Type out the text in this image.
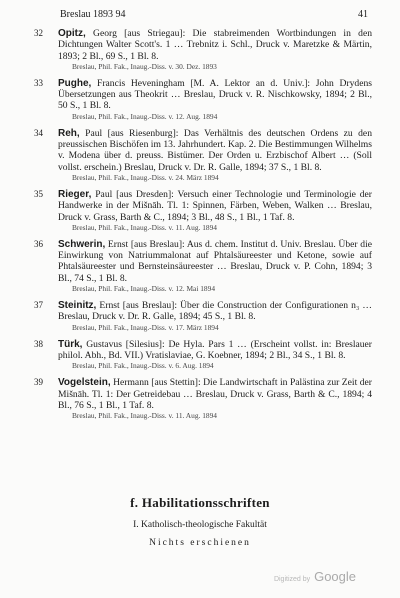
Breslau 1893 94	41
32 Opitz, Georg [aus Striegau]: Die stabreimenden Wortbindungen in den Dichtungen Walter Scott's. 1 … Trebnitz i. Schl., Druck v. Maretzke & Märtin, 1893; 2 Bl., 69 S., 1 Bl. 8.
Breslau, Phil. Fak., Inaug.-Diss. v. 30. Dez. 1893
33 Pughe, Francis Heveningham [M. A. Lektor an d. Univ.]: John Drydens Übersetzungen aus Theokrit … Breslau, Druck v. R. Nischkowsky, 1894; 2 Bl., 50 S., 1 Bl. 8.
Breslau, Phil. Fak., Inaug.-Diss. v. 12. Aug. 1894
34 Reh, Paul [aus Riesenburg]: Das Verhältnis des deutschen Ordens zu den preussischen Bischöfen im 13. Jahrhundert. Kap. 2. Die Bestimmungen Wilhelms v. Modena über d. preuss. Bistümer. Der Orden u. Erzbischof Albert … (Soll vollst. erschein.) Breslau, Druck v. Dr. R. Galle, 1894; 37 S., 1 Bl. 8.
Breslau, Phil. Fak., Inaug.-Diss. v. 24. März 1894
35 Rieger, Paul [aus Dresden]: Versuch einer Technologie und Terminologie der Handwerke in der Mišnāh. Tl. 1: Spinnen, Färben, Weben, Walken … Breslau, Druck v. Grass, Barth & C., 1894; 3 Bl., 48 S., 1 Bl., 1 Taf. 8.
Breslau, Phil. Fak., Inaug.-Diss. v. 11. Aug. 1894
36 Schwerin, Ernst [aus Breslau]: Aus d. chem. Institut d. Univ. Breslau. Über die Einwirkung von Natriummalonat auf Phtalsäureester und Ketone, sowie auf Phtalsäureester und Bernsteinsäureester … Breslau, Druck v. P. Cohn, 1894; 3 Bl., 74 S., 1 Bl. 8.
Breslau, Phil. Fak., Inaug.-Diss. v. 12. Mai 1894
37 Steinitz, Ernst [aus Breslau]: Über die Construction der Configurationen n₃ … Breslau, Druck v. Dr. R. Galle, 1894; 45 S., 1 Bl. 8.
Breslau, Phil. Fak., Inaug.-Diss. v. 17. März 1894
38 Türk, Gustavus [Silesius]: De Hyla. Pars 1 … (Erscheint vollst. in: Breslauer philol. Abh., Bd. VII.) Vratislaviae, G. Koebner, 1894; 2 Bl., 34 S., 1 Bl. 8.
Breslau, Phil. Fak., Inaug.-Diss. v. 6. Aug. 1894
39 Vogelstein, Hermann [aus Stettin]: Die Landwirtschaft in Palästina zur Zeit der Mišnāh. Tl. 1: Der Getreidebau … Breslau, Druck v. Grass, Barth & C., 1894; 4 Bl., 76 S., 1 Bl., 1 Taf. 8.
Breslau, Phil. Fak., Inaug.-Diss. v. 11. Aug. 1894
f. Habilitationsschriften
I. Katholisch-theologische Fakultät
Nichts erschienen
Digitized by Google
